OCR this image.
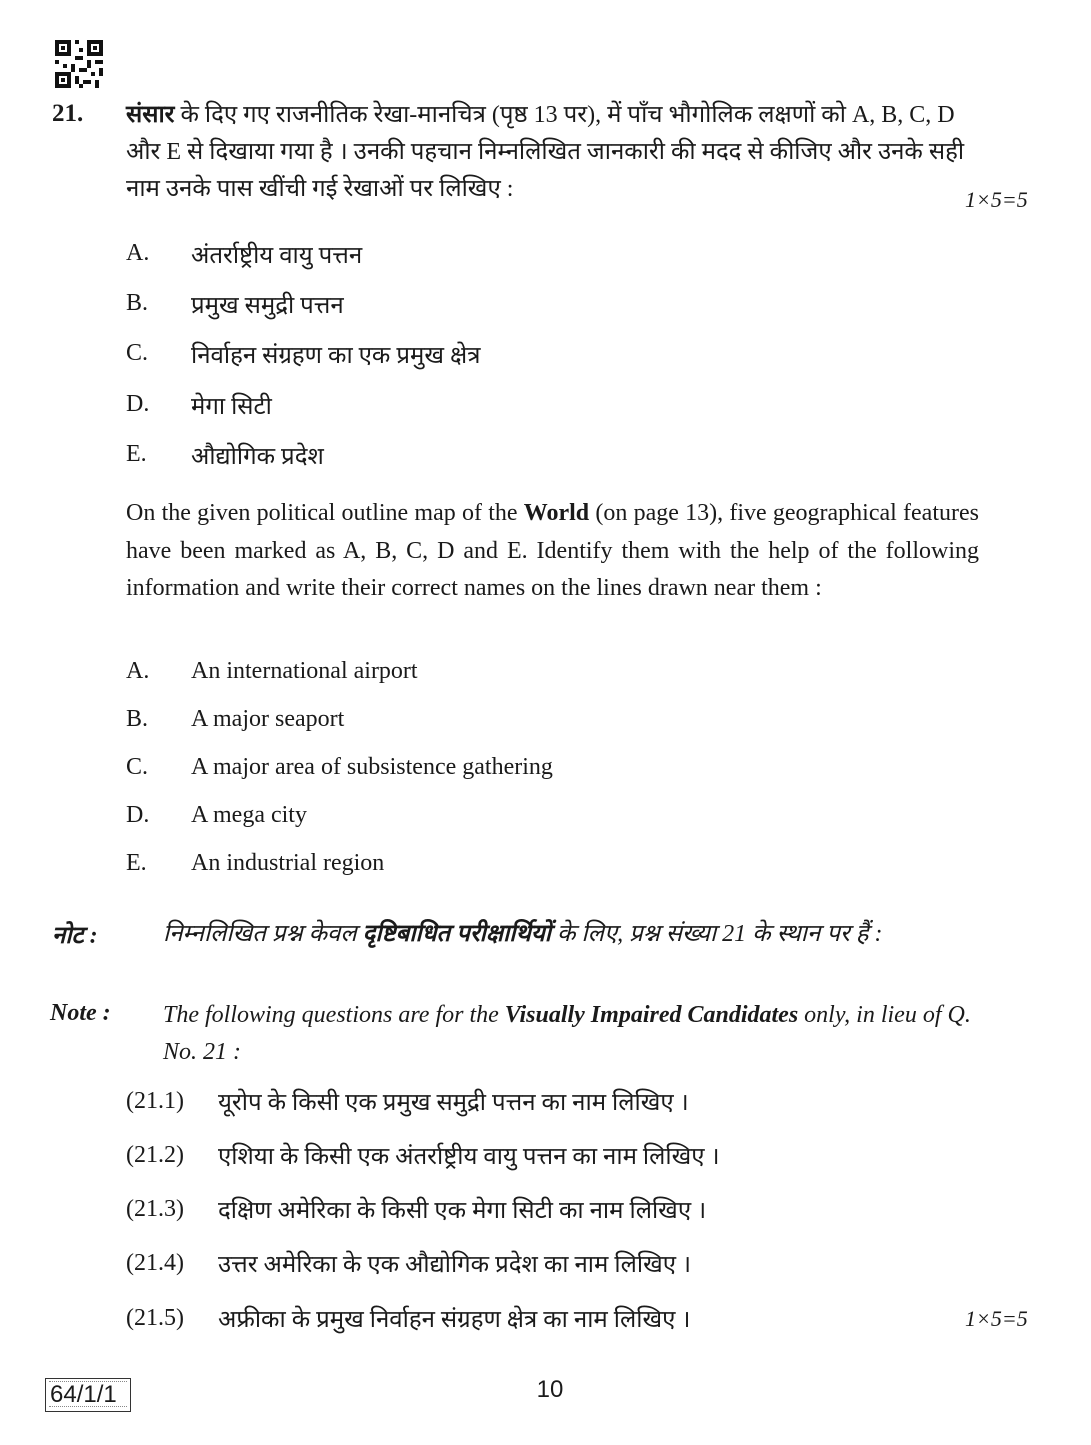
21. संसार के दिए गए राजनीतिक रेखा-मानचित्र (पृष्ठ 13 पर), में पाँच भौगोलिक लक्षणों को A, B, C, D और E से दिखाया गया है । उनकी पहचान निम्नलिखित जानकारी की मदद से कीजिए और उनके सही नाम उनके पास खींची गई रेखाओं पर लिखिए :	1×5=5
A. अंतर्राष्ट्रीय वायु पत्तन
B. प्रमुख समुद्री पत्तन
C. निर्वाहन संग्रहण का एक प्रमुख क्षेत्र
D. मेगा सिटी
E. औद्योगिक प्रदेश
On the given political outline map of the World (on page 13), five geographical features have been marked as A, B, C, D and E. Identify them with the help of the following information and write their correct names on the lines drawn near them :
A. An international airport
B. A major seaport
C. A major area of subsistence gathering
D. A mega city
E. An industrial region
नोट :	निम्नलिखित प्रश्न केवल दृष्टिबाधित परीक्षार्थियों के लिए, प्रश्न संख्या 21 के स्थान पर हैं :
Note : The following questions are for the Visually Impaired Candidates only, in lieu of Q. No. 21 :
(21.1) यूरोप के किसी एक प्रमुख समुद्री पत्तन का नाम लिखिए ।
(21.2) एशिया के किसी एक अंतर्राष्ट्रीय वायु पत्तन का नाम लिखिए ।
(21.3) दक्षिण अमेरिका के किसी एक मेगा सिटी का नाम लिखिए ।
(21.4) उत्तर अमेरिका के एक औद्योगिक प्रदेश का नाम लिखिए ।
(21.5) अफ्रीका के प्रमुख निर्वाहन संग्रहण क्षेत्र का नाम लिखिए ।	1×5=5
64/1/1	10
